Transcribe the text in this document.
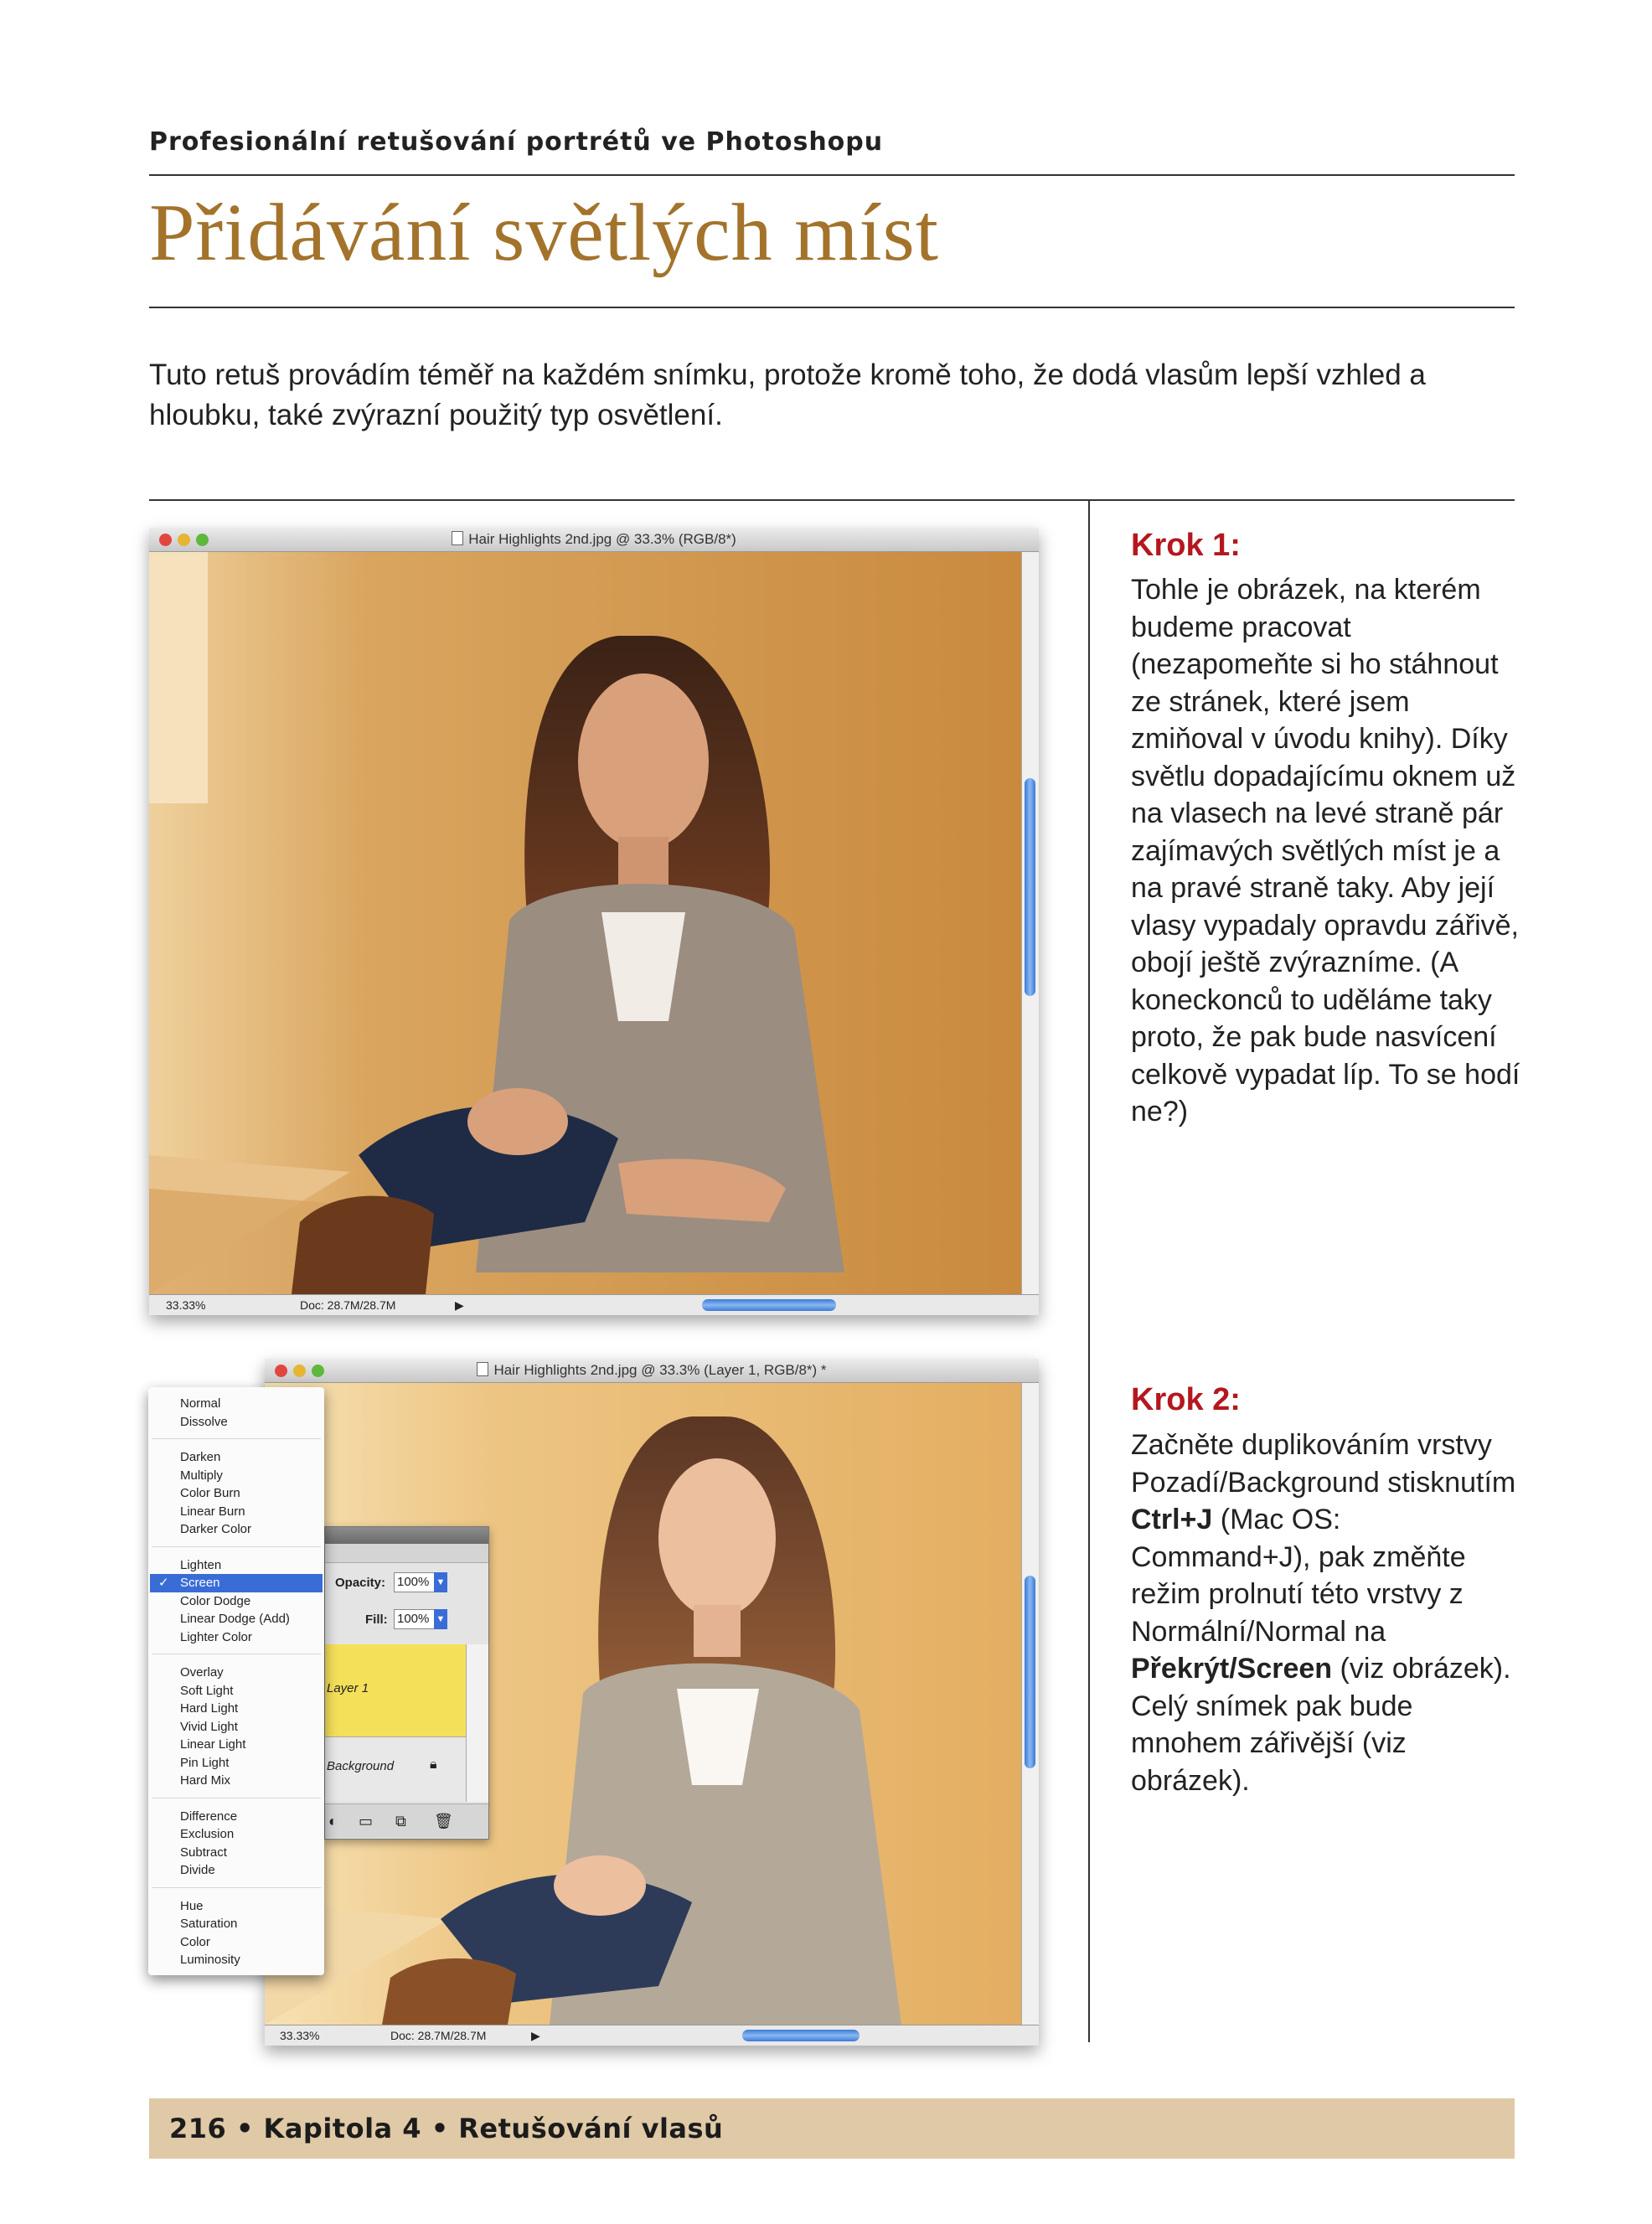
Profesionální retušování portrétů ve Photoshopu
Přidávání světlých míst
Tuto retuš provádím téměř na každém snímku, protože kromě toho, že dodá vlasům lepší vzhled a hloubku, také zvýrazní použitý typ osvětlení.
Hair Highlights 2nd.jpg @ 33.3% (RGB/8*)
33.33%	Doc: 28.7M/28.7M	▶
Krok 1:
Tohle je obrázek, na kterém budeme pracovat (nezapomeňte si ho stáhnout ze stránek, které jsem zmiňoval v úvodu knihy). Díky světlu dopadajícímu oknem už na vlasech na levé straně pár zajímavých světlých míst je a na pravé straně taky. Aby její vlasy vypadaly opravdu zářivě, obojí ještě zvýrazníme. (A koneckonců to uděláme taky proto, že pak bude nasvícení celkově vypadat líp. To se hodí ne?)
Hair Highlights 2nd.jpg @ 33.3% (Layer 1, RGB/8*) *
33.33%	Doc: 28.7M/28.7M	▶
Opacity: 100% ▼
Fill: 100% ▼
Layer 1
Background	🔒︎
◐ ▭ ⧉ 🗑︎
Normal
Dissolve
Darken
Multiply
Color Burn
Linear Burn
Darker Color
Lighten
✓ Screen
Color Dodge
Linear Dodge (Add)
Lighter Color
Overlay
Soft Light
Hard Light
Vivid Light
Linear Light
Pin Light
Hard Mix
Difference
Exclusion
Subtract
Divide
Hue
Saturation
Color
Luminosity
Krok 2:
Začněte duplikováním vrstvy Pozadí/Background stisknutím Ctrl+J (Mac OS: Command+J), pak změňte režim prolnutí této vrstvy z Normální/Normal na Překrýt/Screen (viz obrázek). Celý snímek pak bude mnohem zářivější (viz obrázek).
216 • Kapitola 4 • Retušování vlasů
